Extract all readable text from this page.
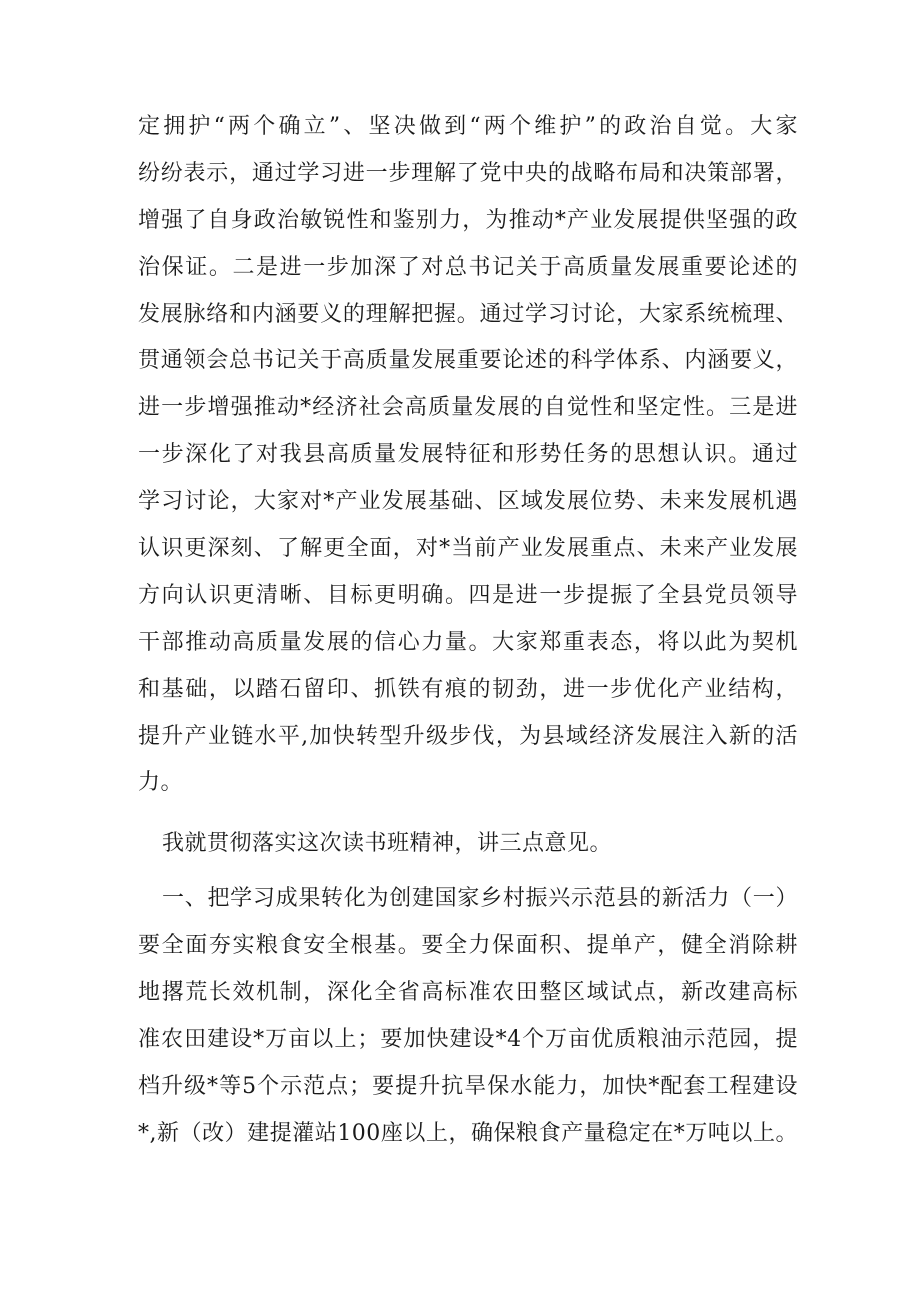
定拥护“两个确立”、坚决做到“两个维护”的政治自觉。大家
纷纷表示，通过学习进一步理解了党中央的战略布局和决策部署，
增强了自身政治敏锐性和鉴别力，为推动*产业发展提供坚强的政
治保证。二是进一步加深了对总书记关于高质量发展重要论述的
发展脉络和内涵要义的理解把握。通过学习讨论，大家系统梳理、
贯通领会总书记关于高质量发展重要论述的科学体系、内涵要义，
进一步增强推动*经济社会高质量发展的自觉性和坚定性。三是进
一步深化了对我县高质量发展特征和形势任务的思想认识。通过
学习讨论，大家对*产业发展基础、区域发展位势、未来发展机遇
认识更深刻、了解更全面，对*当前产业发展重点、未来产业发展
方向认识更清晰、目标更明确。四是进一步提振了全县党员领导
干部推动高质量发展的信心力量。大家郑重表态，将以此为契机
和基础，以踏石留印、抓铁有痕的韧劲，进一步优化产业结构，
提升产业链水平,加快转型升级步伐，为县域经济发展注入新的活
力。
我就贯彻落实这次读书班精神，讲三点意见。
一、把学习成果转化为创建国家乡村振兴示范县的新活力（一）
要全面夯实粮食安全根基。要全力保面积、提单产，健全消除耕
地撂荒长效机制，深化全省高标准农田整区域试点，新改建高标
准农田建设*万亩以上；要加快建设*4个万亩优质粮油示范园，提
档升级*等5个示范点；要提升抗旱保水能力，加快*配套工程建设
*,新（改）建提灌站100座以上，确保粮食产量稳定在*万吨以上。
